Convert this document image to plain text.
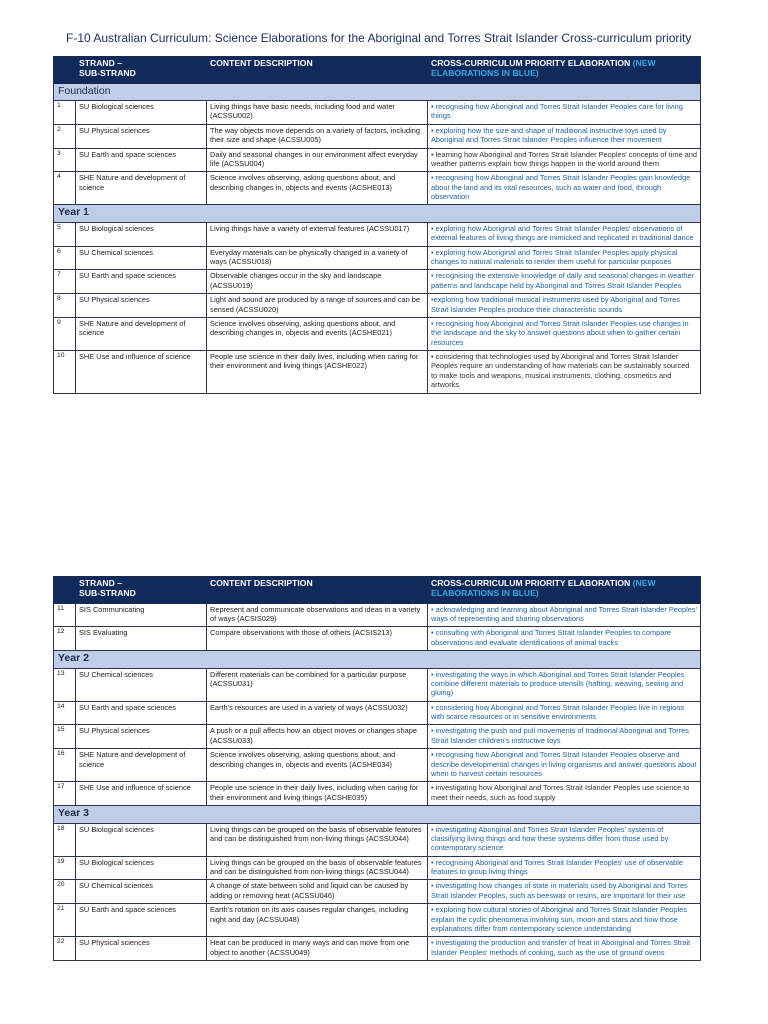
F-10 Australian Curriculum: Science Elaborations for the Aboriginal and Torres Strait Islander Cross-curriculum priority
	STRAND –
SUB-STRAND	CONTENT DESCRIPTION	CROSS-CURRICULUM PRIORITY ELABORATION (NEW ELABORATIONS IN BLUE)
Foundation			
1	SU Biological sciences	Living things have basic needs, including food and water (ACSSU002)	• recognising how Aboriginal and Torres Strait Islander Peoples care for living things
2	SU Physical sciences	The way objects move depends on a variety of factors, including their size and shape (ACSSU005)	• exploring how the size and shape of traditional instructive toys used by Aboriginal and Torres Strait Islander Peoples influence their movement
3	SU Earth and space sciences	Daily and seasonal changes in our environment affect everyday life (ACSSU004)	• learning how Aboriginal and Torres Strait Islander Peoples' concepts of time and weather patterns explain how things happen in the world around them
4	SHE Nature and development of science	Science involves observing, asking questions about, and describing changes in, objects and events (ACSHE013)	• recognising how Aboriginal and Torres Strait Islander Peoples gain knowledge about the land and its vital resources, such as water and food, through observation
Year 1			
5	SU Biological sciences	Living things have a variety of external features (ACSSU017)	• exploring how Aboriginal and Torres Strait Islander Peoples' observations of external features of living things are mimicked and replicated in traditional dance
6	SU Chemical sciences	Everyday materials can be physically changed in a variety of ways (ACSSU018)	• exploring how Aboriginal and Torres Strait Islander Peoples apply physical changes to natural materials to render them useful for particular purposes
7	SU Earth and space sciences	Observable changes occur in the sky and landscape (ACSSU019)	• recognising the extensive knowledge of daily and seasonal changes in weather patterns and landscape held by Aboriginal and Torres Strait Islander Peoples
8	SU Physical sciences	Light and sound are produced by a range of sources and can be sensed (ACSSU020)	•exploring how traditional musical instruments used by Aboriginal and Torres Strait Islander Peoples produce their characteristic sounds
9	SHE Nature and development of science	Science involves observing, asking questions about, and describing changes in, objects and events (ACSHE021)	• recognising how Aboriginal and Torres Strait Islander Peoples use changes in the landscape and the sky to answer questions about when to gather certain resources
10	SHE Use and influence of science	People use science in their daily lives, including when caring for their environment and living things (ACSHE022)	• considering that technologies used by Aboriginal and Torres Strait Islander Peoples require an understanding of how materials can be sustainably sourced to make tools and weapons, musical instruments, clothing, cosmetics and artworks
	STRAND –
SUB-STRAND	CONTENT DESCRIPTION	CROSS-CURRICULUM PRIORITY ELABORATION (NEW ELABORATIONS IN BLUE)
11	SIS Communicating	Represent and communicate observations and ideas in a variety of ways (ACSIS029)	• acknowledging and learning about Aboriginal and Torres Strait Islander Peoples' ways of representing and sharing observations
12	SIS Evaluating	Compare observations with those of others (ACSIS213)	• consulting with Aboriginal and Torres Strait Islander Peoples to compare observations and evaluate identifications of animal tracks
Year 2			
13	SU Chemical sciences	Different materials can be combined for a particular purpose (ACSSU031)	• investigating the ways in which Aboriginal and Torres Strait Islander Peoples combine different materials to produce utensils (hafting, weaving, sewing and gluing)
14	SU Earth and space sciences	Earth's resources are used in a variety of ways (ACSSU032)	• considering how Aboriginal and Torres Strait Islander Peoples live in regions with scarce resources or in sensitive environments
15	SU Physical sciences	A push or a pull affects how an object moves or changes shape (ACSSU033)	• investigating the push and pull movements of traditional Aboriginal and Torres Strait Islander children's instructive toys
16	SHE Nature and development of science	Science involves observing, asking questions about, and describing changes in, objects and events (ACSHE034)	• recognising how Aboriginal and Torres Strait Islander Peoples observe and describe developmental changes in living organisms and answer questions about when to harvest certain resources
17	SHE Use and influence of science	People use science in their daily lives, including when caring for their environment and living things (ACSHE035)	• investigating how Aboriginal and Torres Strait Islander Peoples use science to meet their needs, such as food supply
Year 3			
18	SU Biological sciences	Living things can be grouped on the basis of observable features and can be distinguished from non-living things (ACSSU044)	• investigating Aboriginal and Torres Strait Islander Peoples' systems of classifying living things and how these systems differ from those used by contemporary science
19	SU Biological sciences	Living things can be grouped on the basis of observable features and can be distinguished from non-living things (ACSSU044)	• recognising Aboriginal and Torres Strait Islander Peoples' use of observable features to group living things
20	SU Chemical sciences	A change of state between solid and liquid can be caused by adding or removing heat (ACSSU046)	• investigating how changes of state in materials used by Aboriginal and Torres Strait Islander Peoples, such as beeswax or resins, are important for their use
21	SU Earth and space sciences	Earth's rotation on its axis causes regular changes, including night and day (ACSSU048)	• exploring how cultural stories of Aboriginal and Torres Strait Islander Peoples explain the cyclic phenomena involving sun, moon and stars and how those explanations differ from contemporary science understanding
22	SU Physical sciences	Heat can be produced in many ways and can move from one object to another (ACSSU049)	• investigating the production and transfer of heat in Aboriginal and Torres Strait Islander Peoples' methods of cooking, such as the use of ground ovens
